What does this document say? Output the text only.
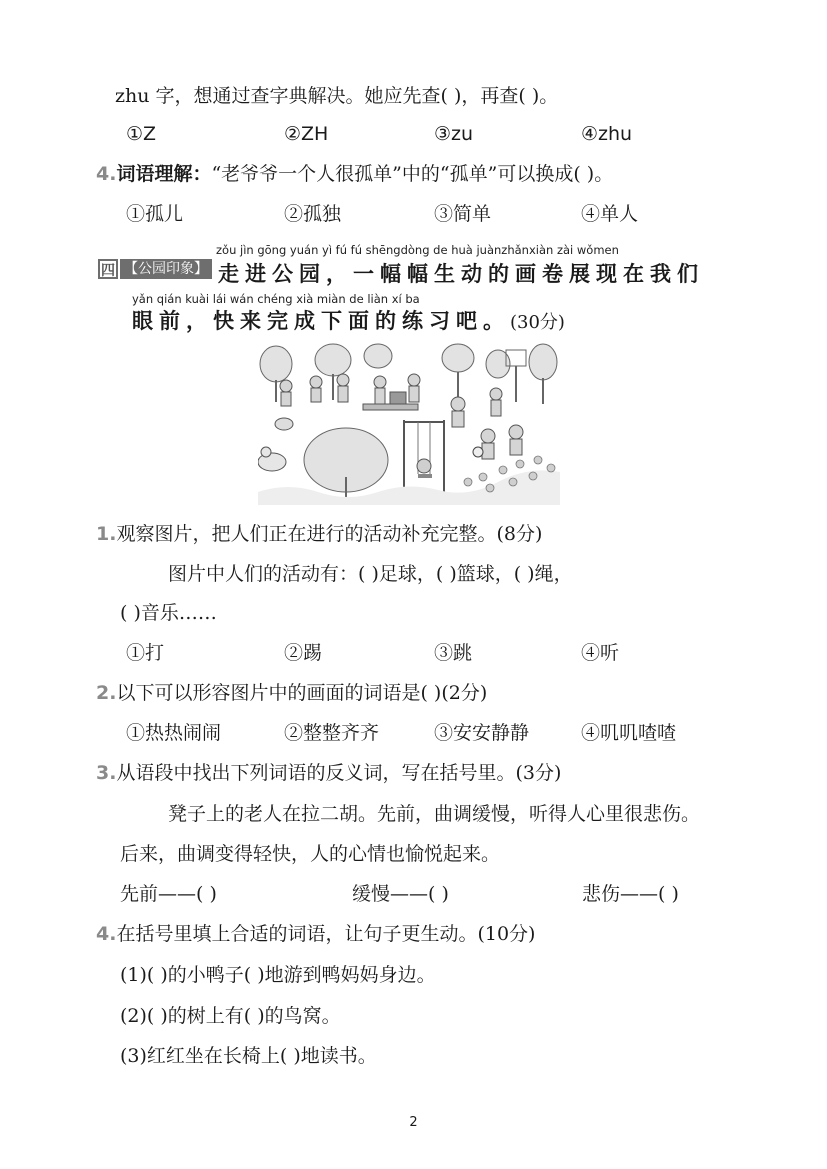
zhu 字，想通过查字典解决。她应先查( )，再查( )。
①Z	②ZH	③zu	④zhu
4.词语理解：“老爷爷一个人很孤单”中的“孤单”可以换成( )。
①孤儿	②孤独	③简单	④单人
zǒu jìn gōng yuán yì fú fú shēngdòng de huà juànzhǎnxiàn zài wǒmen
四 【公园印象】 走进公园，一幅幅生动的画卷展现在我们
yǎn qián kuài lái wán chéng xià miàn de liàn xí ba
眼前，快来完成下面的练习吧。(30分)
1.观察图片，把人们正在进行的活动补充完整。(8分)
图片中人们的活动有：( )足球，( )篮球，( )绳，
( )音乐……
①打	②踢	③跳	④听
2.以下可以形容图片中的画面的词语是( )(2分)
①热热闹闹	②整整齐齐	③安安静静	④叽叽喳喳
3.从语段中找出下列词语的反义词，写在括号里。(3分)
凳子上的老人在拉二胡。先前，曲调缓慢，听得人心里很悲伤。
后来，曲调变得轻快，人的心情也愉悦起来。
先前——( )	缓慢——( )	悲伤——( )
4.在括号里填上合适的词语，让句子更生动。(10分)
(1)( )的小鸭子( )地游到鸭妈妈身边。
(2)( )的树上有( )的鸟窝。
(3)红红坐在长椅上( )地读书。
2
